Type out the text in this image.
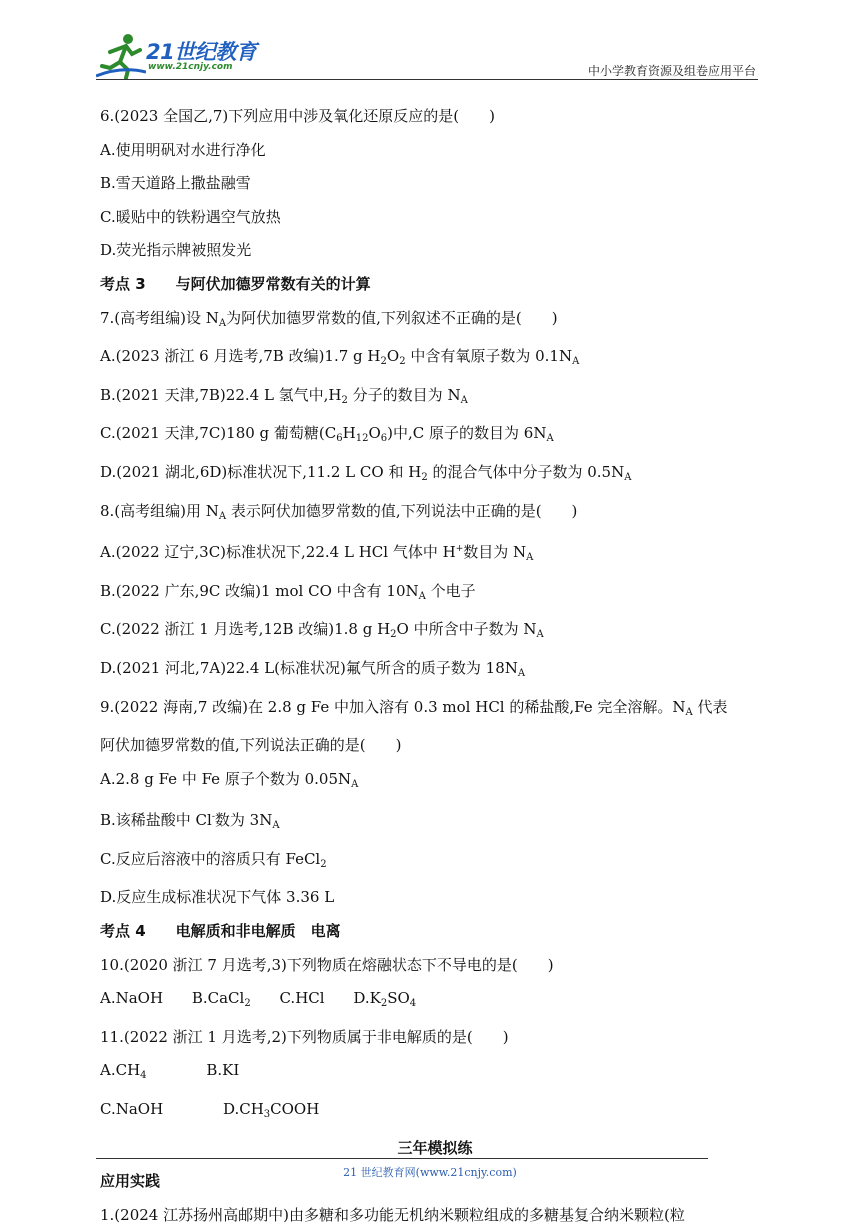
21世纪教育
www.21cnjy.com	中小学教育资源及组卷应用平台
6.(2023 全国乙,7)下列应用中涉及氧化还原反应的是(　　)
A.使用明矾对水进行净化
B.雪天道路上撒盐融雪
C.暖贴中的铁粉遇空气放热
D.荧光指示牌被照发光
考点 3 与阿伏加德罗常数有关的计算
7.(高考组编)设 $N_A$为阿伏加德罗常数的值,下列叙述不正确的是(　　)
A.(2023 浙江 6 月选考,7B 改编)1.7 g $H_2O_2$ 中含有氧原子数为 $0.1N_A$
B.(2021 天津,7B)22.4 L 氢气中$,H_2$ 分子的数目为 $N_A$
C.(2021 天津,7C)180 g 葡萄糖$(C_6H_{12}O_6)$中,C 原子的数目为 $6N_A$
D.(2021 湖北,6D)标准状况下,11.2 L CO 和 $H_2$ 的混合气体中分子数为 $0.5N_A$
8.(高考组编)用 $N_A$ 表示阿伏加德罗常数的值,下列说法中正确的是(　　)
A.(2022 辽宁,3C)标准状况下,22.4 L HCl 气体中 H+数目为 $N_A$
B.(2022 广东,9C 改编)1 mol CO 中含有 $10N_A$ 个电子
C.(2022 浙江 1 月选考,12B 改编)1.8 g $H_2O$ 中所含中子数为 $N_A$
D.(2021 河北,7A)22.4 L(标准状况)氟气所含的质子数为 $18N_A$
9.(2022 海南,7 改编)在 2.8 g Fe 中加入溶有 0.3 mol HCl 的稀盐酸,Fe 完全溶解。$N_A$ 代表
阿伏加德罗常数的值,下列说法正确的是(　　)
A.2.8 g Fe 中 Fe 原子个数为 $0.05N_A$
B.该稀盐酸中 Cl-数为 $3N_A$
C.反应后溶液中的溶质只有 FeCl$_2$
D.反应生成标准状况下气体 3.36 L
考点 4 电解质和非电解质　电离
10.(2020 浙江 7 月选考,3)下列物质在熔融状态下不导电的是(　　)
A.NaOH B.CaCl$_2$ C.HCl $D.K_2SO_4$
11.(2022 浙江 1 月选考,2)下列物质属于非电解质的是(　　)
$A.CH_4$	B.KI
C.NaOH	$D.CH_3COOH$
三年模拟练
应用实践
1.(2024 江苏扬州高邮期中)由多糖和多功能无机纳米颗粒组成的多糖基复合纳米颗粒(粒
21 世纪教育网(www.21cnjy.com)
